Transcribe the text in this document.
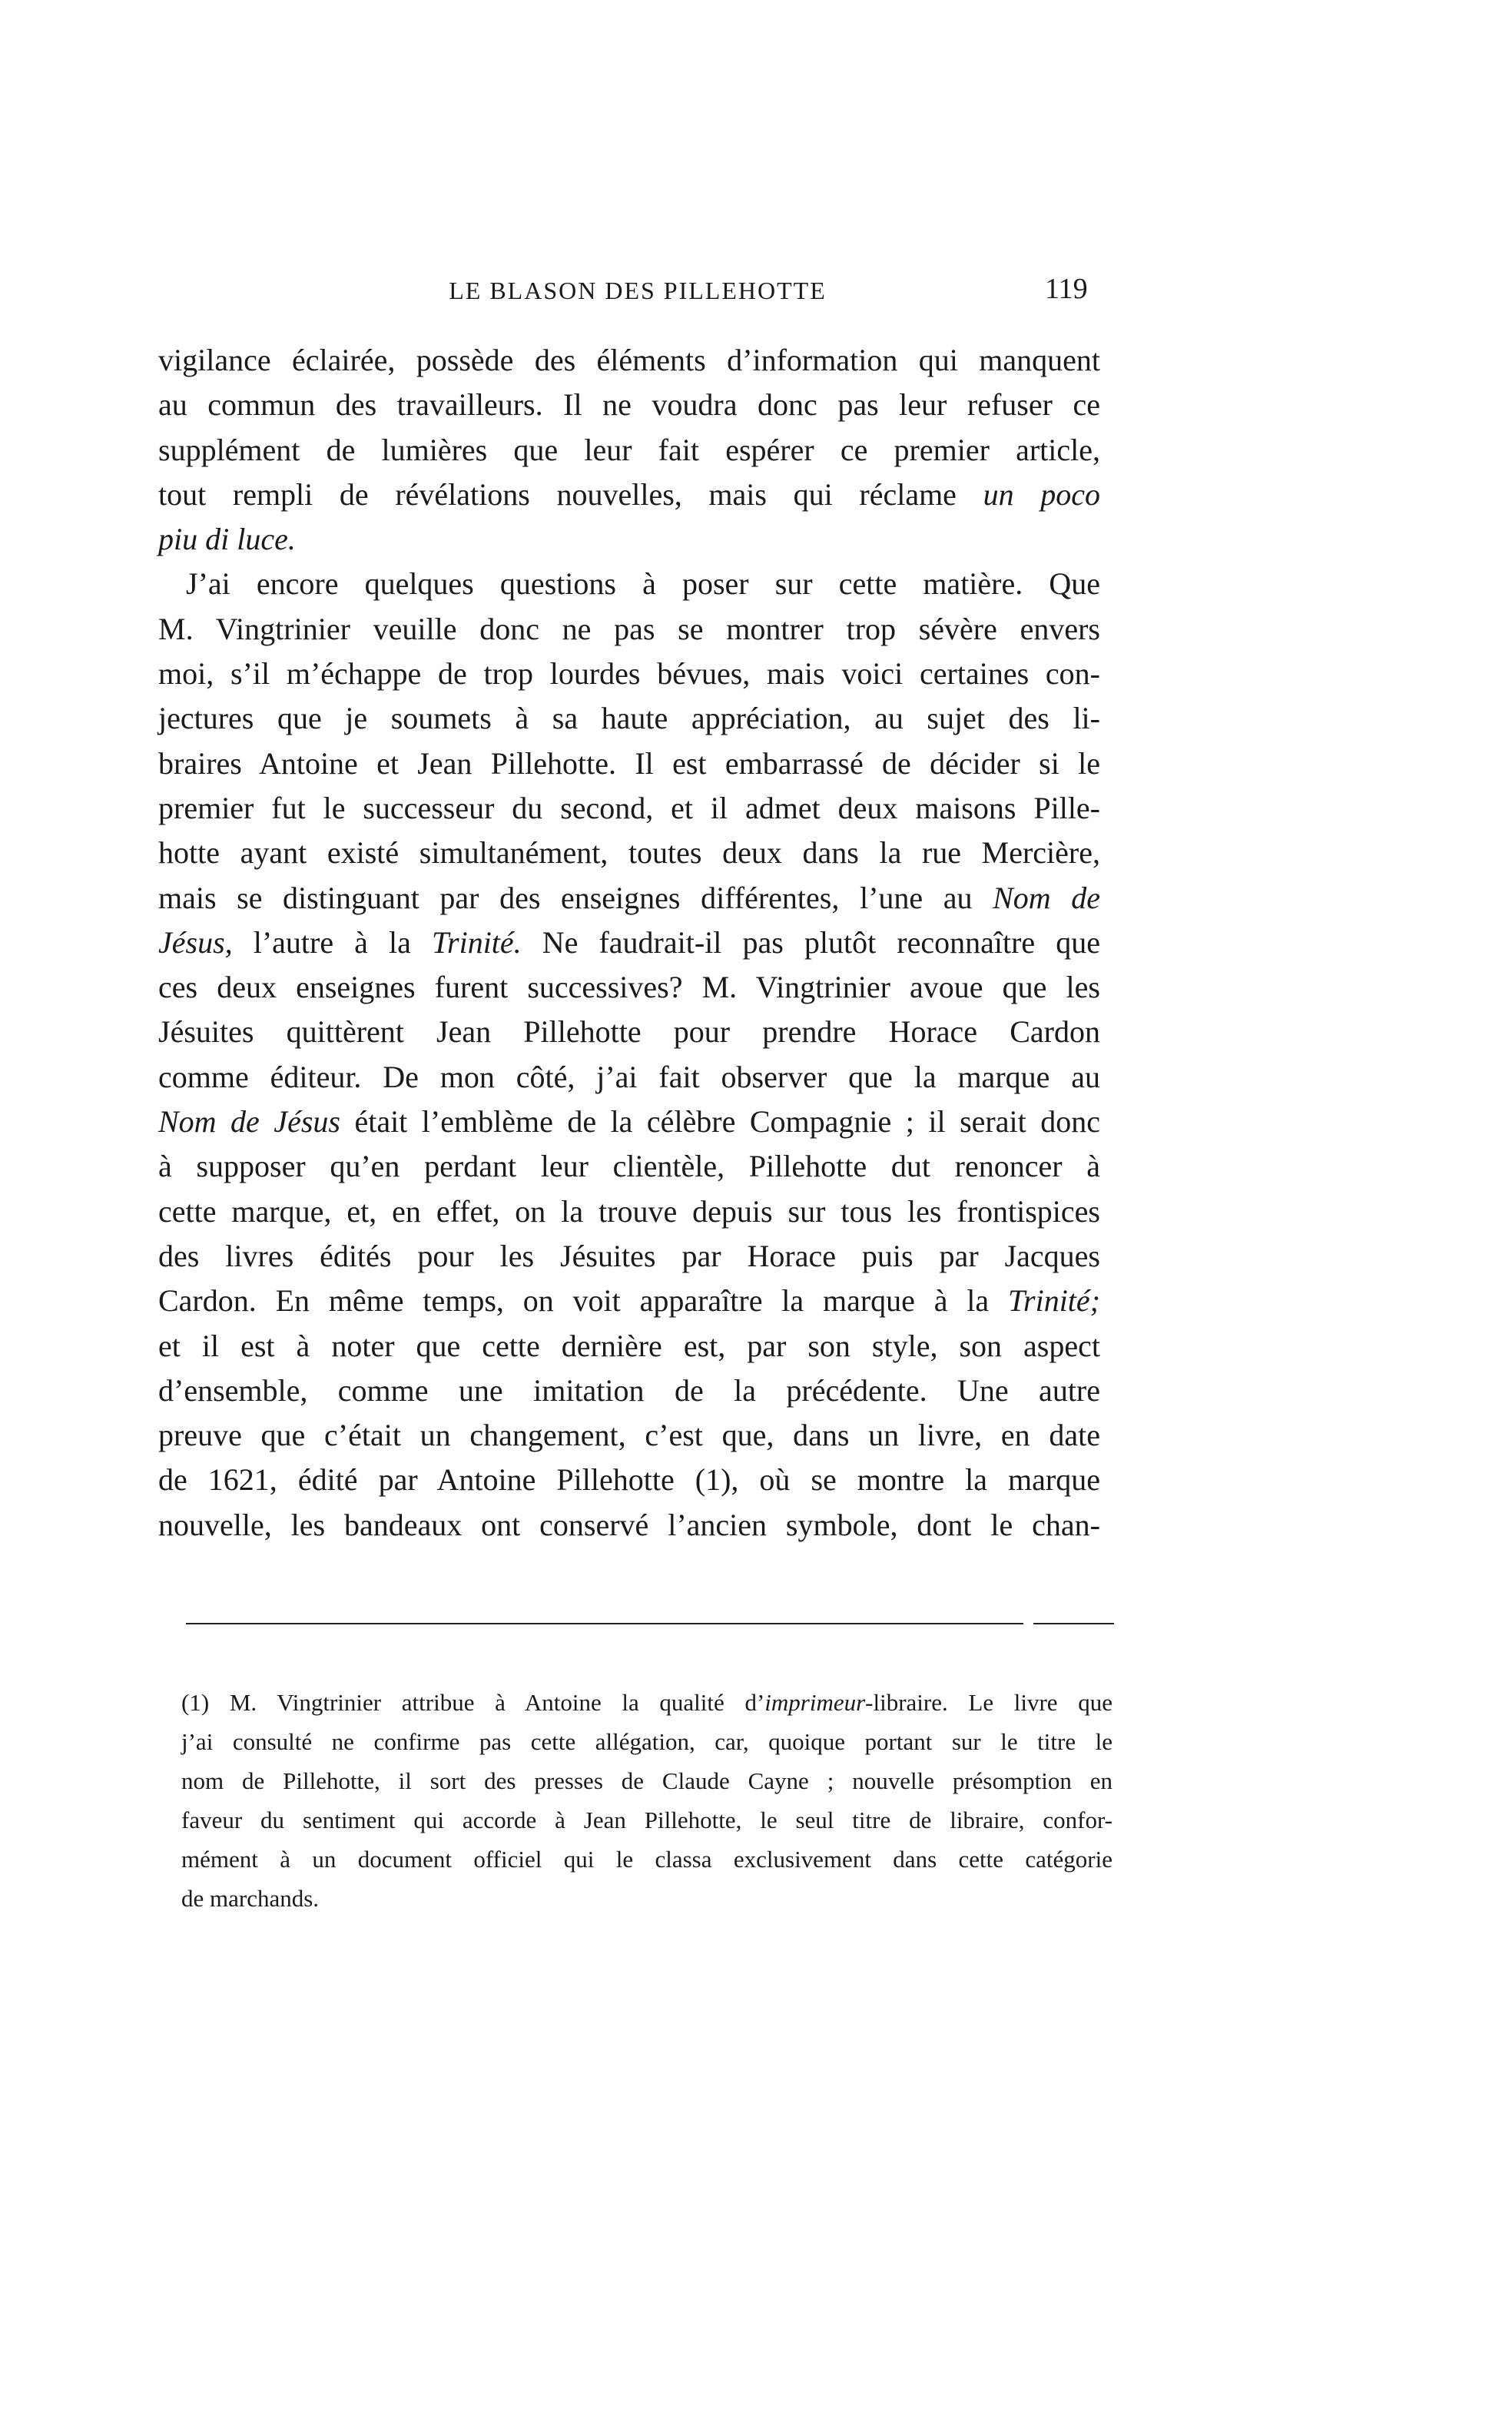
LE BLASON DES PILLEHOTTE	119
vigilance éclairée, possède des éléments d’information qui manquent
au commun des travailleurs. Il ne voudra donc pas leur refuser ce
supplément de lumières que leur fait espérer ce premier article,
tout rempli de révélations nouvelles, mais qui réclame un poco
piu di luce.
J’ai encore quelques questions à poser sur cette matière. Que
M. Vingtrinier veuille donc ne pas se montrer trop sévère envers
moi, s’il m’échappe de trop lourdes bévues, mais voici certaines con-
jectures que je soumets à sa haute appréciation, au sujet des li-
braires Antoine et Jean Pillehotte. Il est embarrassé de décider si le
premier fut le successeur du second, et il admet deux maisons Pille-
hotte ayant existé simultanément, toutes deux dans la rue Mercière,
mais se distinguant par des enseignes différentes, l’une au Nom de
Jésus, l’autre à la Trinité. Ne faudrait-il pas plutôt reconnaître que
ces deux enseignes furent successives? M. Vingtrinier avoue que les
Jésuites quittèrent Jean Pillehotte pour prendre Horace Cardon
comme éditeur. De mon côté, j’ai fait observer que la marque au
Nom de Jésus était l’emblème de la célèbre Compagnie ; il serait donc
à supposer qu’en perdant leur clientèle, Pillehotte dut renoncer à
cette marque, et, en effet, on la trouve depuis sur tous les frontispices
des livres édités pour les Jésuites par Horace puis par Jacques
Cardon. En même temps, on voit apparaître la marque à la Trinité;
et il est à noter que cette dernière est, par son style, son aspect
d’ensemble, comme une imitation de la précédente. Une autre
preuve que c’était un changement, c’est que, dans un livre, en date
de 1621, édité par Antoine Pillehotte (1), où se montre la marque
nouvelle, les bandeaux ont conservé l’ancien symbole, dont le chan-
(1) M. Vingtrinier attribue à Antoine la qualité d’imprimeur-libraire. Le livre que
j’ai consulté ne confirme pas cette allégation, car, quoique portant sur le titre le
nom de Pillehotte, il sort des presses de Claude Cayne ; nouvelle présomption en
faveur du sentiment qui accorde à Jean Pillehotte, le seul titre de libraire, confor-
mément à un document officiel qui le classa exclusivement dans cette catégorie
de marchands.
